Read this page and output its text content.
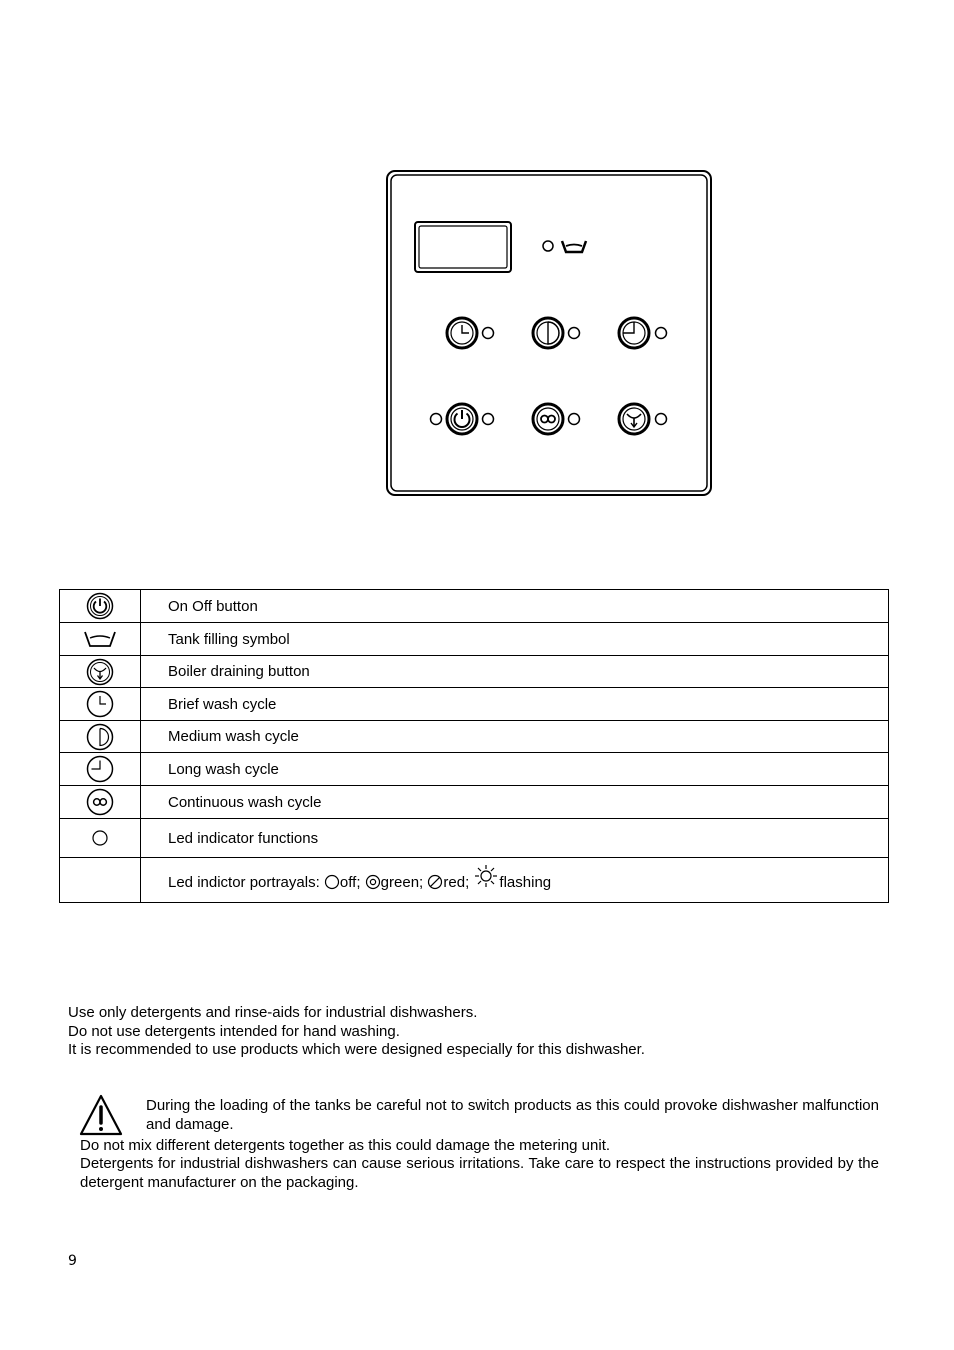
	On Off button

	Tank filling symbol

	Boiler draining button

	Brief wash cycle

	Medium wash cycle

	Long wash cycle

	Continuous wash cycle

	Led indicator functions
	Led indictor portrayals: off; green; red; flashing
Use only detergents and rinse-aids for industrial dishwashers.
Do not use detergents intended for hand washing.
It is recommended to use products which were designed especially for this dishwasher.
During the loading of the tanks be careful not to switch products as this could provoke dishwasher malfunction and damage.
Do not mix different detergents together as this could damage the metering unit.
Detergents for industrial dishwashers can cause serious irritations. Take care to respect the instructions provided by the detergent manufacturer on the packaging.
9
